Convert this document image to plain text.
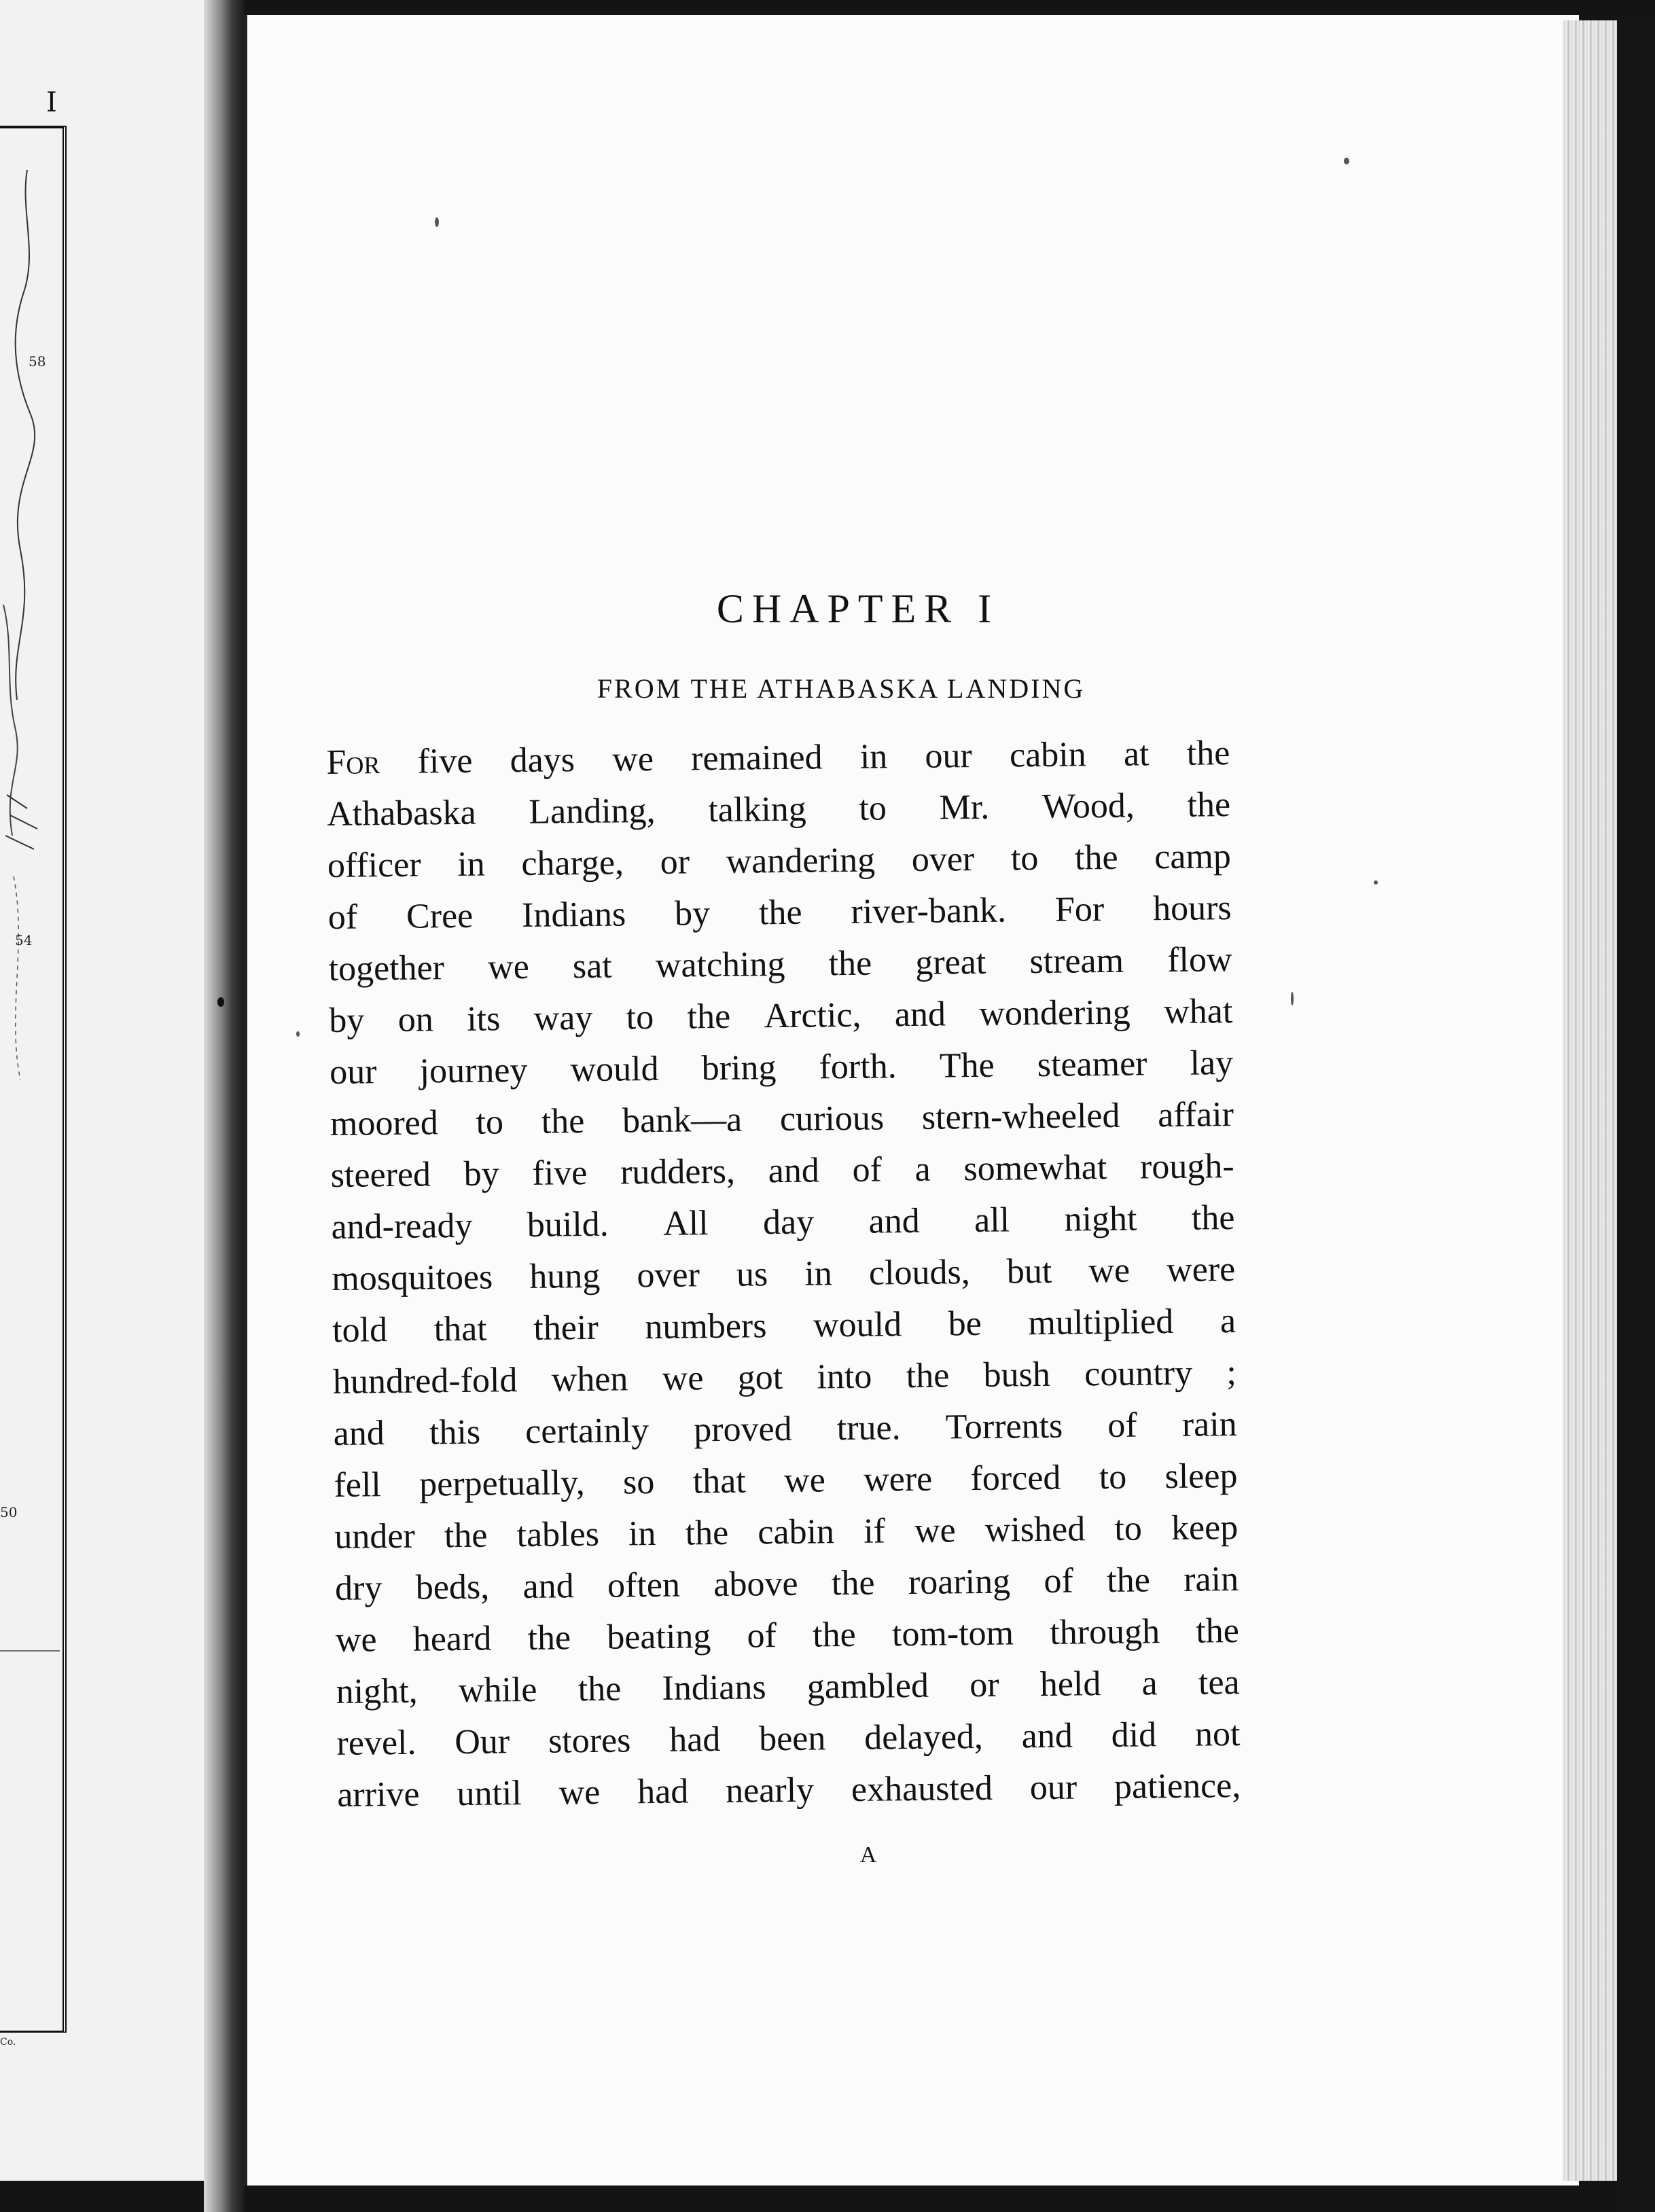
I
58
54
50
Co.
CHAPTER I
FROM THE ATHABASKA LANDING
For five days we remained in our cabin at the
Athabaska Landing, talking to Mr. Wood, the
officer in charge, or wandering over to the camp
of Cree Indians by the river-bank. For hours
together we sat watching the great stream flow
by on its way to the Arctic, and wondering what
our journey would bring forth. The steamer lay
moored to the bank—a curious stern-wheeled affair
steered by five rudders, and of a somewhat rough-
and-ready build. All day and all night the
mosquitoes hung over us in clouds, but we were
told that their numbers would be multiplied a
hundred-fold when we got into the bush country ;
and this certainly proved true. Torrents of rain
fell perpetually, so that we were forced to sleep
under the tables in the cabin if we wished to keep
dry beds, and often above the roaring of the rain
we heard the beating of the tom-tom through the
night, while the Indians gambled or held a tea
revel. Our stores had been delayed, and did not
arrive until we had nearly exhausted our patience,
A
